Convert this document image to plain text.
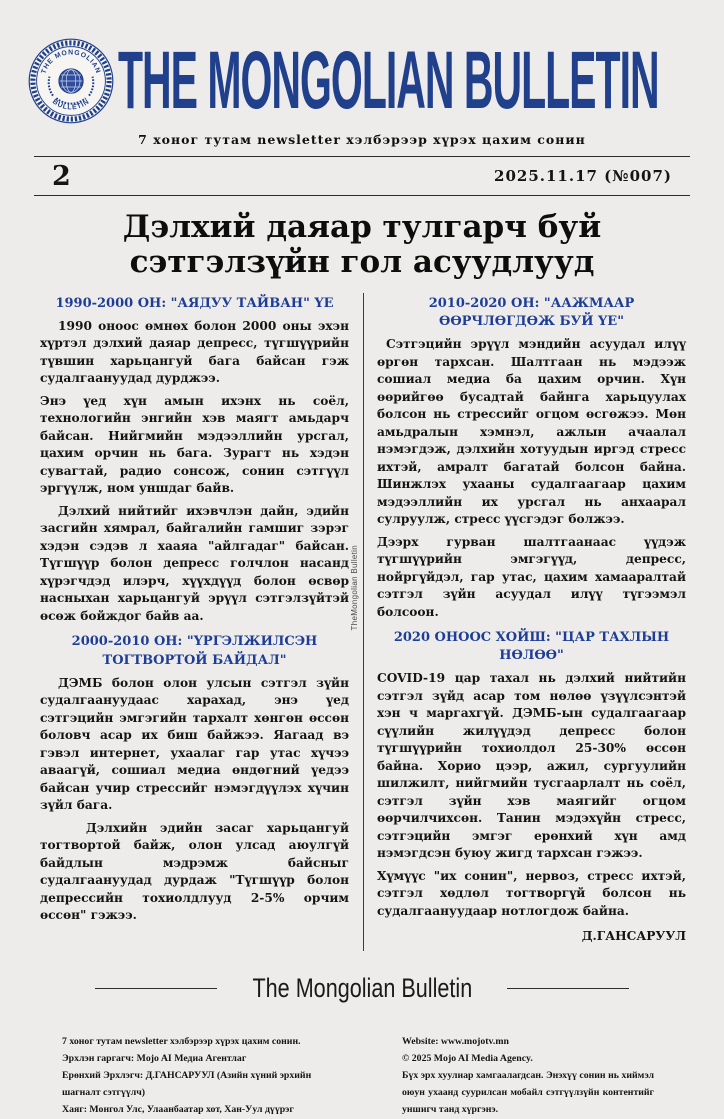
THE MONGOLIAN
BULLETIN THE MONGOLIAN BULLETIN
7 хоног тутам newsletter хэлбэрээр хүрэх цахим сонин
2	2025.11.17 (№007)
Дэлхий даяар тулгарч буй
сэтгэлзүйн гол асуудлууд
1990-2000 ОН: "АЯДУУ ТАЙВАН" ҮЕ

1990 оноос өмнөх болон 2000 оны эхэн хүртэл дэлхий даяар депресс, түгшүүрийн түвшин харьцангуй бага байсан гэж судалгаануудад дурджээ.

Энэ үед хүн амын ихэнх нь соёл, технологийн энгийн хэв маягт амьдарч байсан. Нийгмийн мэдээллийн урсгал, цахим орчин нь бага. Зурагт нь хэдэн сувагтай, радио сонсож, сонин сэтгүүл эргүүлж, ном уншдаг байв.

Дэлхий нийтийг ихэвчлэн дайн, эдийн засгийн хямрал, байгалийн гамшиг зэрэг хэдэн сэдэв л хааяа "айлгадаг" байсан. Түгшүүр болон депресс голчлон насанд хүрэгчдэд илэрч, хүүхдүүд болон өсвөр насныхан харьцангуй эрүүл сэтгэлзүйтэй өсөж бойждог байв аа.

2000-2010 ОН: "ҮРГЭЛЖИЛСЭН ТОГТВОРТОЙ БАЙДАЛ"

ДЭМБ болон олон улсын сэтгэл зүйн судалгаануудаас харахад, энэ үед сэтгэцийн эмгэгийн тархалт хөнгөн өссөн боловч асар их биш байжээ. Яагаад вэ гэвэл интернет, ухаалаг гар утас хүчээ аваагүй, сошиал медиа өндөгний үедээ байсан учир стрессийг нэмэгдүүлэх хүчин зүйл бага.

Дэлхийн эдийн засаг харьцангуй тогтвортой байж, олон улсад аюулгүй байдлын мэдрэмж байсныг судалгаануудад дурдаж "Түгшүүр болон депрессийн тохиолдлууд 2-5% орчим өссөн" гэжээ.

TheMongolian Bulletin
2010-2020 ОН: "ААЖМААР ӨӨРЧЛӨГДӨЖ БУЙ ҮЕ"

Сэтгэцийн эрүүл мэндийн асуудал илүү өргөн тархсан. Шалтгаан нь мэдээж сошиал медиа ба цахим орчин. Хүн өөрийгөө бусадтай байнга харьцуулах болсон нь стрессийг огцом өсгөжээ. Мөн амьдралын хэмнэл, ажлын ачаалал нэмэгдэж, дэлхийн хотуудын иргэд стресс ихтэй, амралт багатай болсон байна. Шинжлэх ухааны судалгаагаар цахим мэдээллийн их урсгал нь анхаарал сулруулж, стресс үүсгэдэг болжээ.

Дээрх гурван шалтгаанаас үүдэж түгшүүрийн эмгэгүүд, депресс, нойргүйдэл, гар утас, цахим хамааралтай сэтгэл зүйн асуудал илүү түгээмэл болсоон.

2020 ОНООС ХОЙШ: "ЦАР ТАХЛЫН НӨЛӨӨ"

COVID-19 цар тахал нь дэлхий нийтийн сэтгэл зүйд асар том нөлөө үзүүлсэнтэй хэн ч маргахгүй. ДЭМБ-ын судалгаагаар сүүлийн жилүүдэд депресс болон түгшүүрийн тохиолдол 25-30% өссөн байна. Хорио цээр, ажил, сургуулийн шилжилт, нийгмийн тусгаарлалт нь соёл, сэтгэл зүйн хэв маягийг огцом өөрчилчихсөн. Танин мэдэхүйн стресс, сэтгэцийн эмгэг ерөнхий хүн амд нэмэгдсэн буюу жигд тархсан гэжээ.

Хүмүүс "их сонин", нервоз, стресс ихтэй, сэтгэл хөдлөл тогтворгүй болсон нь судалгаануудаар нотлогдож байна.

Д.ГАНСАРУУЛ

The Mongolian Bulletin

7 хоног тутам newsletter хэлбэрээр хүрэх цахим сонин.

Эрхлэн гаргагч: Mojo AI Медиа Агентлаг

Ерөнхий Эрхлэгч: Д.ГАНСАРУУЛ (Азийн хүний эрхийн шагналт сэтгүүлч)

Хаяг: Монгол Улс, Улаанбаатар хот, Хан-Уул дүүрэг

Website: www.mojotv.mn

© 2025 Mojo AI Media Agency.

Бүх эрх хуулиар хамгаалагдсан. Энэхүү сонин нь хиймэл оюун ухаанд суурилсан мобайл сэтгүүлзүйн контентийг уншигч танд хүргэнэ.
